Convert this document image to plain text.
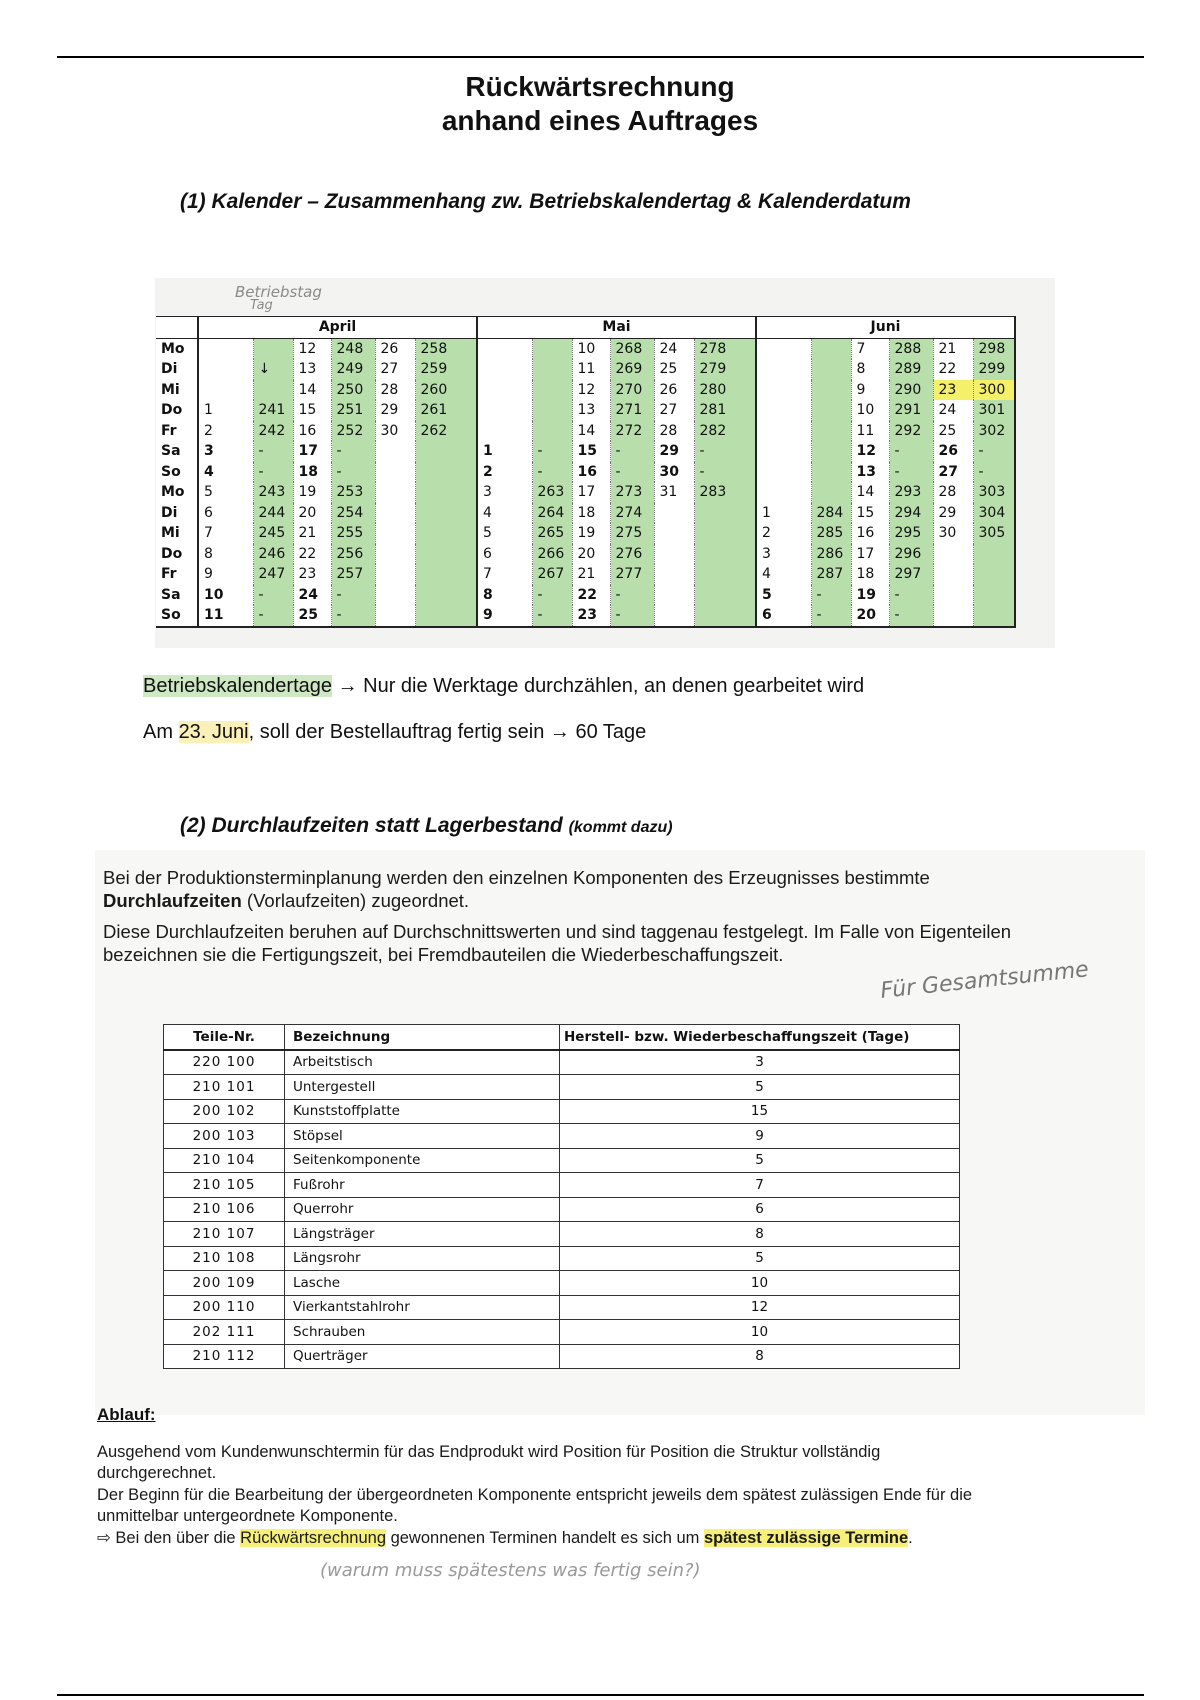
Rückwärtsrechnung
anhand eines Auftrages
(1) Kalender – Zusammenhang zw. Betriebskalendertag & Kalenderdatum
Betriebstag
Tag
	April						Mai						Juni					
Mo			12	248	26	258			10	268	24	278			7	288	21	298
Di		↓	13	249	27	259			11	269	25	279			8	289	22	299
Mi			14	250	28	260			12	270	26	280			9	290	23	300
Do	1	241	15	251	29	261			13	271	27	281			10	291	24	301
Fr	2	242	16	252	30	262			14	272	28	282			11	292	25	302
Sa	3	-	17	-			1	-	15	-	29	-			12	-	26	-
So	4	-	18	-			2	-	16	-	30	-			13	-	27	-
Mo	5	243	19	253			3	263	17	273	31	283			14	293	28	303
Di	6	244	20	254			4	264	18	274			1	284	15	294	29	304
Mi	7	245	21	255			5	265	19	275			2	285	16	295	30	305
Do	8	246	22	256			6	266	20	276			3	286	17	296		
Fr	9	247	23	257			7	267	21	277			4	287	18	297		
Sa	10	-	24	-			8	-	22	-			5	-	19	-		
So	11	-	25	-			9	-	23	-			6	-	20	-		
Betriebskalendertage → Nur die Werktage durchzählen, an denen gearbeitet wird
Am 23. Juni, soll der Bestellauftrag fertig sein → 60 Tage
(2) Durchlaufzeiten statt Lagerbestand (kommt dazu)
Bei der Produktionsterminplanung werden den einzelnen Komponenten des Erzeugnisses bestimmte Durchlaufzeiten (Vorlaufzeiten) zugeordnet.
Diese Durchlaufzeiten beruhen auf Durchschnittswerten und sind taggenau festgelegt. Im Falle von Eigenteilen bezeichnen sie die Fertigungszeit, bei Fremdbauteilen die Wiederbeschaffungszeit.
Für Gesamtsumme
Teile-Nr.	Bezeichnung	Herstell- bzw. Wiederbeschaffungszeit (Tage)
220 100	Arbeitstisch	3
210 101	Untergestell	5
200 102	Kunststoffplatte	15
200 103	Stöpsel	9
210 104	Seitenkomponente	5
210 105	Fußrohr	7
210 106	Querrohr	6
210 107	Längsträger	8
210 108	Längsrohr	5
200 109	Lasche	10
200 110	Vierkantstahlrohr	12
202 111	Schrauben	10
210 112	Querträger	8
Ablauf:
Ausgehend vom Kundenwunschtermin für das Endprodukt wird Position für Position die Struktur vollständig durchgerechnet.
Der Beginn für die Bearbeitung der übergeordneten Komponente entspricht jeweils dem spätest zulässigen Ende für die unmittelbar untergeordnete Komponente.
⇨ Bei den über die Rückwärtsrechnung gewonnenen Terminen handelt es sich um spätest zulässige Termine.
(warum muss spätestens was fertig sein?)
